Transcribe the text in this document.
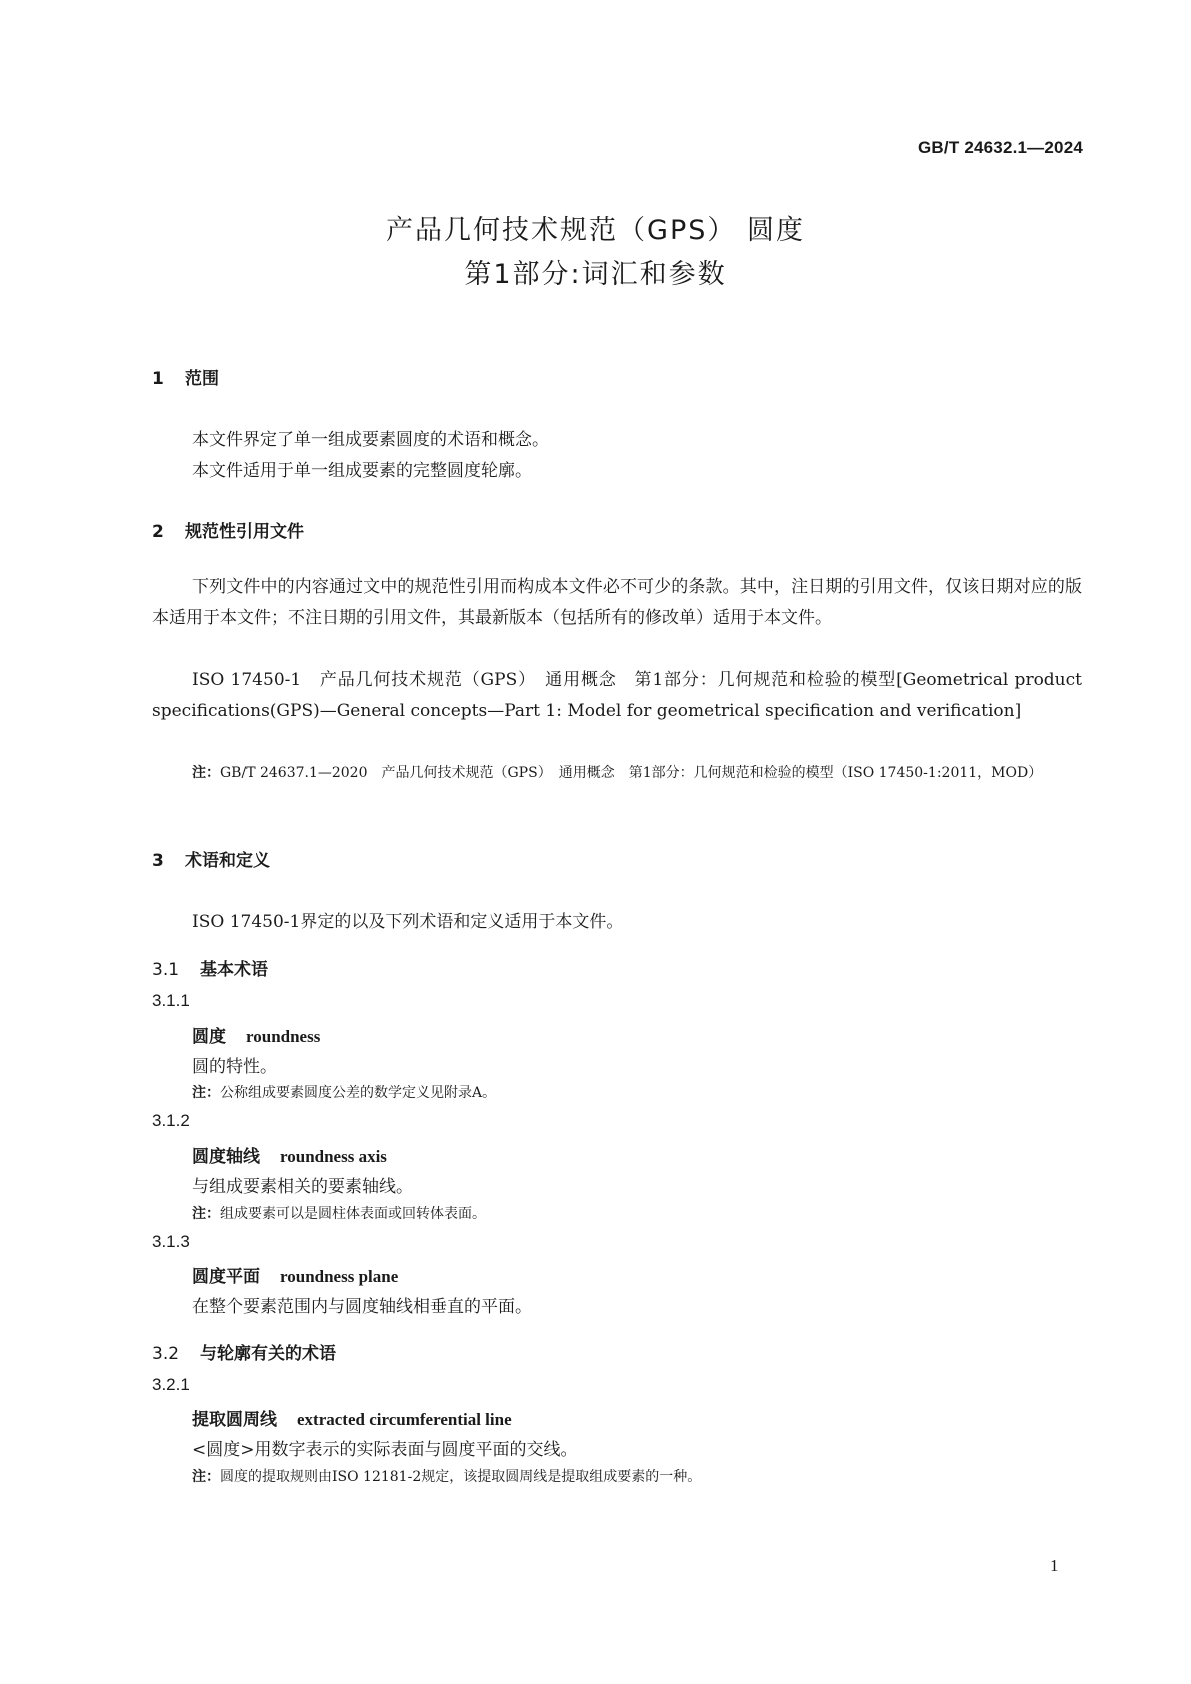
GB/T 24632.1—2024
产品几何技术规范（GPS） 圆度
第1部分:词汇和参数
1 范围
本文件界定了单一组成要素圆度的术语和概念。
本文件适用于单一组成要素的完整圆度轮廓。
2 规范性引用文件
下列文件中的内容通过文中的规范性引用而构成本文件必不可少的条款。其中，注日期的引用文件，仅该日期对应的版本适用于本文件；不注日期的引用文件，其最新版本（包括所有的修改单）适用于本文件。
ISO 17450-1　产品几何技术规范（GPS）　通用概念　第1部分：几何规范和检验的模型[Geometrical product specifications(GPS)—General concepts—Part 1: Model for geometrical specification and verification]
注：GB/T 24637.1—2020　产品几何技术规范（GPS）　通用概念　第1部分：几何规范和检验的模型（ISO 17450-1:2011，MOD）
3 术语和定义
ISO 17450-1界定的以及下列术语和定义适用于本文件。
3.1 基本术语
3.1.1
圆度 roundness
圆的特性。
注：公称组成要素圆度公差的数学定义见附录A。
3.1.2
圆度轴线 roundness axis
与组成要素相关的要素轴线。
注：组成要素可以是圆柱体表面或回转体表面。
3.1.3
圆度平面 roundness plane
在整个要素范围内与圆度轴线相垂直的平面。
3.2 与轮廓有关的术语
3.2.1
提取圆周线 extracted circumferential line
<圆度>用数字表示的实际表面与圆度平面的交线。
注：圆度的提取规则由ISO 12181-2规定，该提取圆周线是提取组成要素的一种。
1
